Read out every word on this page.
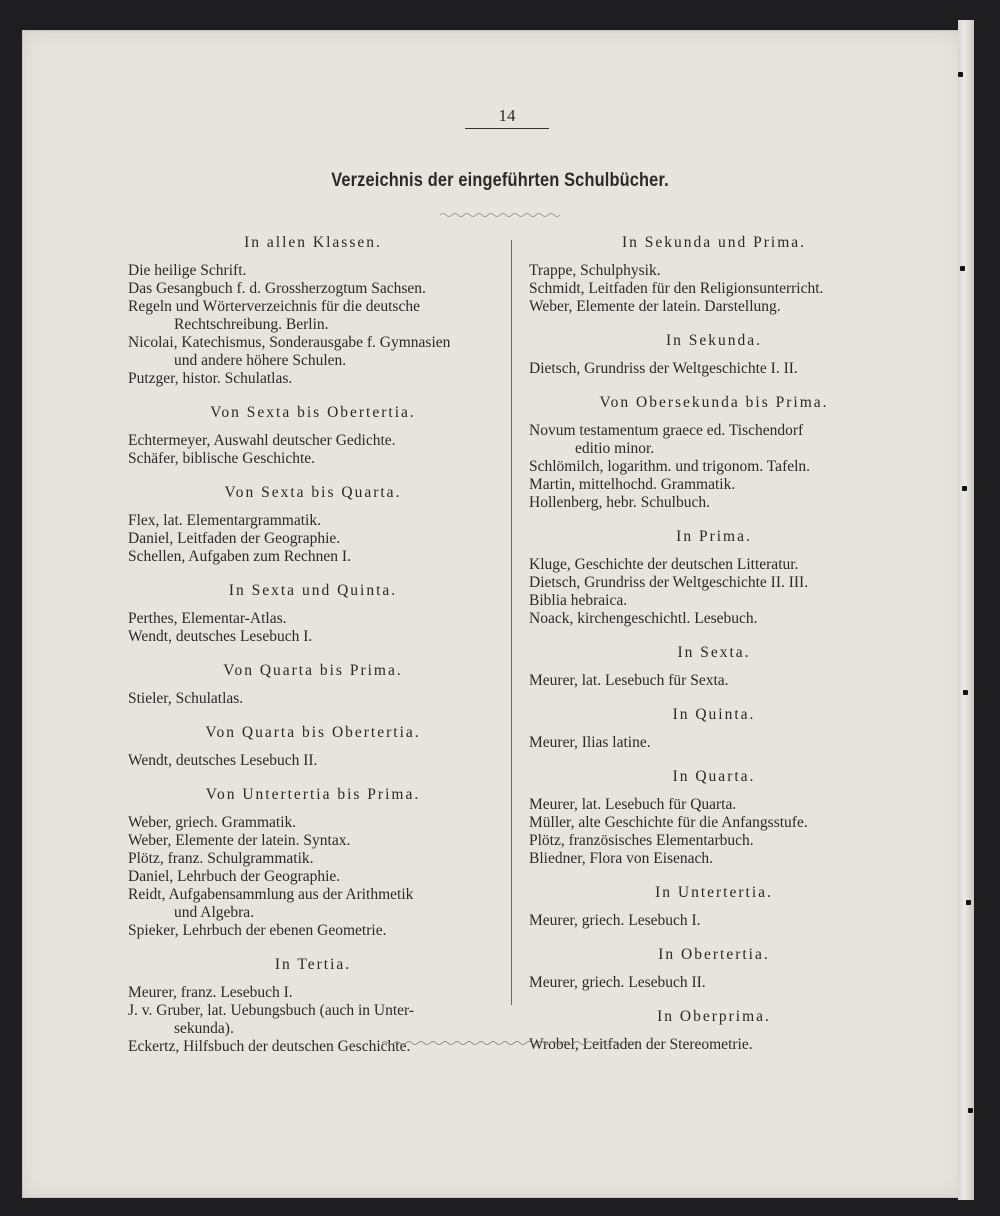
14
Verzeichnis der eingeführten Schulbücher.
In allen Klassen.
Die heilige Schrift.
Das Gesangbuch f. d. Grossherzogtum Sachsen.
Regeln und Wörterverzeichnis für die deutsche
Rechtschreibung. Berlin.
Nicolai, Katechismus, Sonderausgabe f. Gymnasien
und andere höhere Schulen.
Putzger, histor. Schulatlas.
Von Sexta bis Obertertia.
Echtermeyer, Auswahl deutscher Gedichte.
Schäfer, biblische Geschichte.
Von Sexta bis Quarta.
Flex, lat. Elementargrammatik.
Daniel, Leitfaden der Geographie.
Schellen, Aufgaben zum Rechnen I.
In Sexta und Quinta.
Perthes, Elementar-Atlas.
Wendt, deutsches Lesebuch I.
Von Quarta bis Prima.
Stieler, Schulatlas.
Von Quarta bis Obertertia.
Wendt, deutsches Lesebuch II.
Von Untertertia bis Prima.
Weber, griech. Grammatik.
Weber, Elemente der latein. Syntax.
Plötz, franz. Schulgrammatik.
Daniel, Lehrbuch der Geographie.
Reidt, Aufgabensammlung aus der Arithmetik
und Algebra.
Spieker, Lehrbuch der ebenen Geometrie.
In Tertia.
Meurer, franz. Lesebuch I.
J. v. Gruber, lat. Uebungsbuch (auch in Unter-
sekunda).
Eckertz, Hilfsbuch der deutschen Geschichte.
In Sekunda und Prima.
Trappe, Schulphysik.
Schmidt, Leitfaden für den Religionsunterricht.
Weber, Elemente der latein. Darstellung.
In Sekunda.
Dietsch, Grundriss der Weltgeschichte I. II.
Von Obersekunda bis Prima.
Novum testamentum graece ed. Tischendorf
editio minor.
Schlömilch, logarithm. und trigonom. Tafeln.
Martin, mittelhochd. Grammatik.
Hollenberg, hebr. Schulbuch.
In Prima.
Kluge, Geschichte der deutschen Litteratur.
Dietsch, Grundriss der Weltgeschichte II. III.
Biblia hebraica.
Noack, kirchengeschichtl. Lesebuch.
In Sexta.
Meurer, lat. Lesebuch für Sexta.
In Quinta.
Meurer, Ilias latine.
In Quarta.
Meurer, lat. Lesebuch für Quarta.
Müller, alte Geschichte für die Anfangsstufe.
Plötz, französisches Elementarbuch.
Bliedner, Flora von Eisenach.
In Untertertia.
Meurer, griech. Lesebuch I.
In Obertertia.
Meurer, griech. Lesebuch II.
In Oberprima.
Wrobel, Leitfaden der Stereometrie.
